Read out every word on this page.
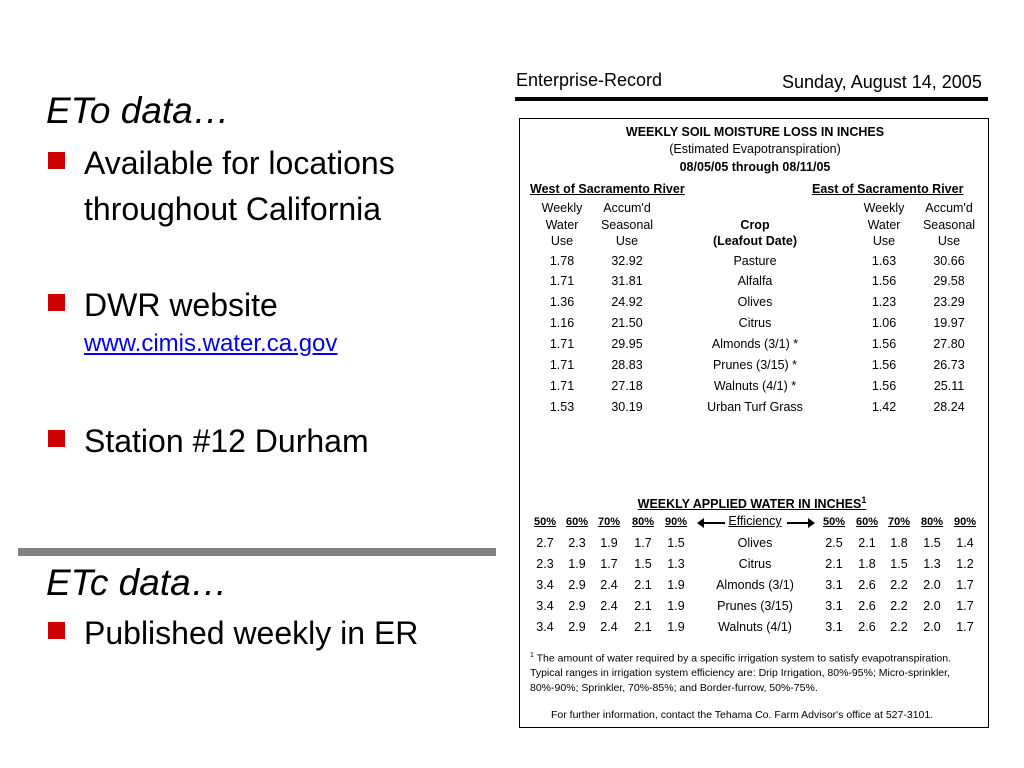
ETo data…
Available for locations throughout California
DWR website
www.cimis.water.ca.gov
Station #12 Durham
ETc data…
Published weekly in ER
Enterprise-Record	Sunday, August 14, 2005
WEEKLY SOIL MOISTURE LOSS IN INCHES
(Estimated Evapotranspiration)
08/05/05 through 08/11/05
West of Sacramento River	East of Sacramento River
Weekly
Water
Use
Accum'd
Seasonal
Use
Crop
(Leafout Date)
Weekly
Water
Use
Accum'd
Seasonal
Use
1.78	32.92	Pasture	1.63	30.66
1.71	31.81	Alfalfa	1.56	29.58
1.36	24.92	Olives	1.23	23.29
1.16	21.50	Citrus	1.06	19.97
1.71	29.95	Almonds (3/1) *	1.56	27.80
1.71	28.83	Prunes (3/15) *	1.56	26.73
1.71	27.18	Walnuts (4/1) *	1.56	25.11
1.53	30.19	Urban Turf Grass	1.42	28.24
WEEKLY APPLIED WATER IN INCHES$^1$
50% 60% 70% 80% 90%	Efficiency	50% 60% 70% 80% 90%
2.7 2.3 1.9 1.7 1.5	Olives	2.5 2.1 1.8 1.5 1.4
2.3 1.9 1.7 1.5 1.3	Citrus	2.1 1.8 1.5 1.3 1.2
3.4 2.9 2.4 2.1 1.9	Almonds (3/1)	3.1 2.6 2.2 2.0 1.7
3.4 2.9 2.4 2.1 1.9	Prunes (3/15)	3.1 2.6 2.2 2.0 1.7
3.4 2.9 2.4 2.1 1.9	Walnuts (4/1)	3.1 2.6 2.2 2.0 1.7
$^1$ The amount of water required by a specific irrigation system to satisfy evapotranspiration.
Typical ranges in irrigation system efficiency are: Drip Irrigation, 80%-95%; Micro-sprinkler,
80%-90%; Sprinkler, 70%-85%; and Border-furrow, 50%-75%.
For further information, contact the Tehama Co. Farm Advisor's office at 527-3101.
